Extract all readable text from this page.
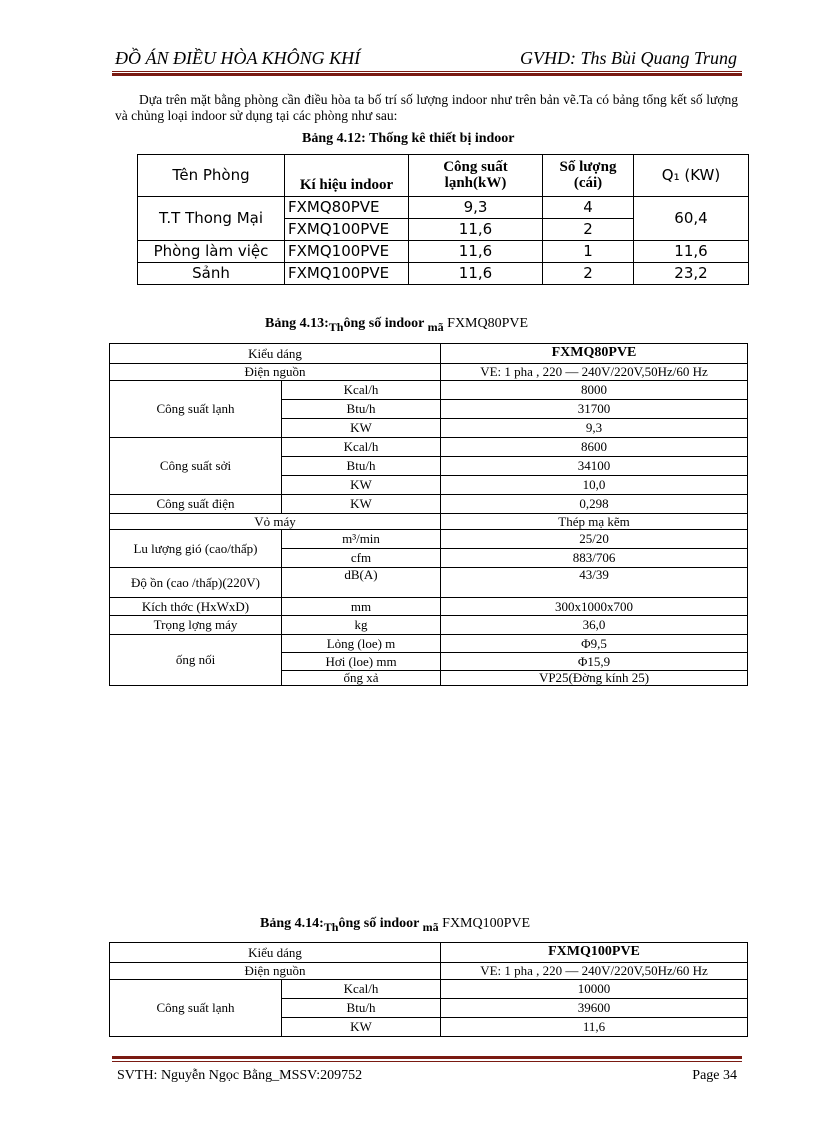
ĐỒ ÁN ĐIỀU HÒA KHÔNG KHÍ	GVHD: Ths Bùi Quang Trung
Dựa trên mặt bằng phòng cần điều hòa ta bố trí số lượng indoor như trên bản vẽ.Ta có bảng tổng kết số lượng và chủng loại indoor sử dụng tại các phòng như sau:
Bảng 4.12: Thống kê thiết bị indoor
Tên Phòng	Kí hiệu indoor	Công suất lạnh(kW)	Số lượng (cái)	Q₁ (KW)
T.T Thong Mại	FXMQ80PVE	9,3	4	60,4
	FXMQ100PVE	11,6	2	
Phòng làm việc	FXMQ100PVE	11,6	1	11,6
Sảnh	FXMQ100PVE	11,6	2	23,2
Bảng 4.13:Thông số indoor mã FXMQ80PVE
Kiểu dáng		FXMQ80PVE
Điện nguồn		VE: 1 pha , 220 — 240V/220V,50Hz/60 Hz
Công suất lạnh	Kcal/h	8000
	Btu/h	31700
	KW	9,3
Công suất sởi	Kcal/h	8600
	Btu/h	34100
	KW	10,0
Công suất điện	KW	0,298
Vỏ máy		Thép mạ kẽm
Lu lượng gió (cao/thấp)	m³/min	25/20
	cfm	883/706
Độ ồn (cao /thấp)(220V)	dB(A)	43/39
Kích thớc (HxWxD)	mm	300x1000x700
Trọng lợng máy	kg	36,0
ống nối	Lỏng (loe) m	Φ9,5
	Hơi (loe) mm	Φ15,9
	ống xả	VP25(Đờng kính 25)
Bảng 4.14:Thông số indoor mã FXMQ100PVE
Kiểu dáng		FXMQ100PVE
Điện nguồn		VE: 1 pha , 220 — 240V/220V,50Hz/60 Hz
Công suất lạnh	Kcal/h	10000
	Btu/h	39600
	KW	11,6
SVTH: Nguyễn Ngọc Bằng_MSSV:209752	Page 34
